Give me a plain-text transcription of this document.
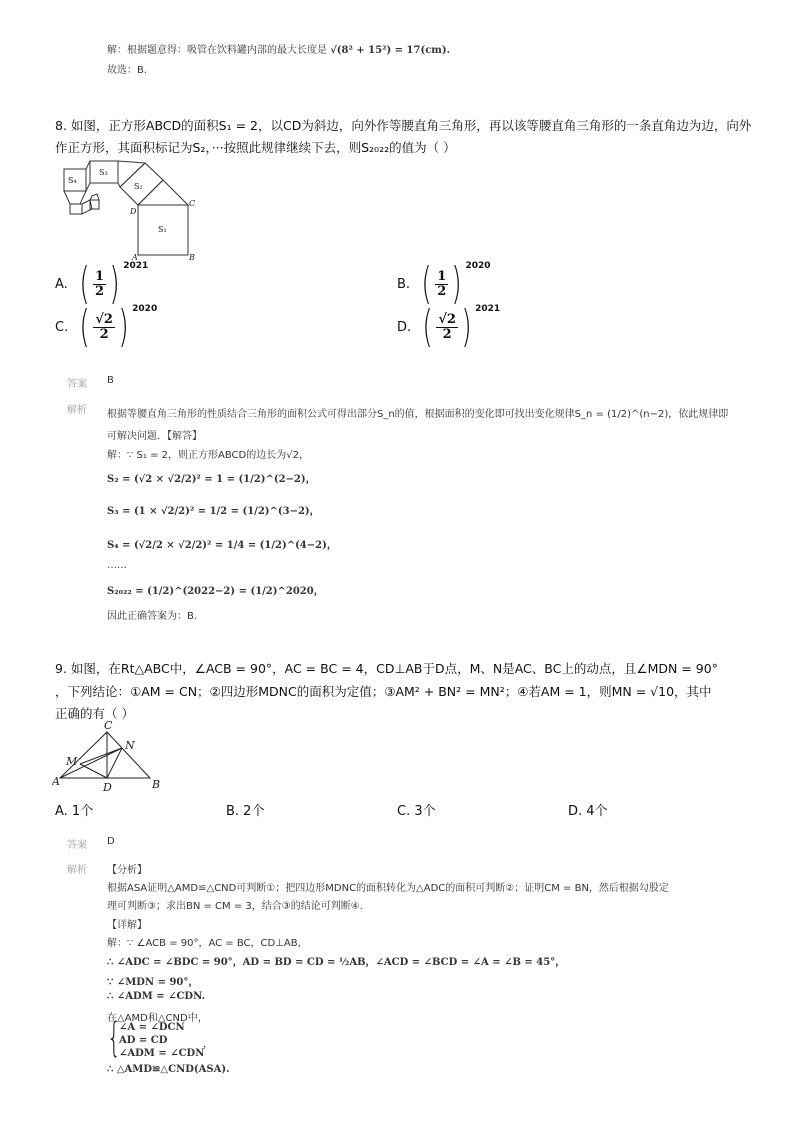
解：根据题意得：吸管在饮料罐内部的最大长度是 √(8² + 15²) = 17(cm).
故选：B.
8. 如图，正方形ABCD的面积S₁ = 2，以CD为斜边，向外作等腰直角三角形，再以该等腰直角三角形的一条直角边为边，向外
作正方形，其面积标记为S₂，···按照此规律继续下去，则S₂₀₂₂的值为（ ）
S₄
S₃
S₂
S₁
A	B
C
D
A. ( $\frac{1}{2}$ ) 2021
B. ( $\frac{1}{2}$ ) 2020
C. ( $\frac{√2}{2}$ ) 2020
D. ( $\frac{√2}{2}$ ) 2021
答案 B
解析 根据等腰直角三角形的性质结合三角形的面积公式可得出部分S_n的值，根据面积的变化即可找出变化规律S_n = (1/2)^(n−2)，依此规律即
可解决问题．【解答】
解：∵ S₁ = 2，则正方形ABCD的边长为√2，
S₂ = (√2 × √2/2)² = 1 = (1/2)^(2−2)，
S₃ = (1 × √2/2)² = 1/2 = (1/2)^(3−2)，
S₄ = (√2/2 × √2/2)² = 1/4 = (1/2)^(4−2)，
……
S₂₀₂₂ = (1/2)^(2022−2) = (1/2)^2020，
因此正确答案为：B.
9. 如图，在Rt△ABC中，∠ACB = 90°，AC = BC = 4，CD⊥AB于D点，M、N是AC、BC上的动点，且∠MDN = 90°
，下列结论：①AM = CN；②四边形MDNC的面积为定值；③AM² + BN² = MN²；④若AM = 1，则MN = √10，其中
正确的有（ ）
C
N
M
A	D	B
A. 1个	B. 2个	C. 3个	D. 4个
答案 D
解析 【分析】
根据ASA证明△AMD≌△CND可判断①；把四边形MDNC的面积转化为△ADC的面积可判断②；证明CM = BN，然后根据勾股定
理可判断③；求出BN = CM = 3，结合③的结论可判断④.
【详解】
解：∵ ∠ACB = 90°，AC = BC，CD⊥AB，
∴ ∠ADC = ∠BDC = 90°，AD = BD = CD = ½AB，∠ACD = ∠BCD = ∠A = ∠B = 45°，
∵ ∠MDN = 90°，
∴ ∠ADM = ∠CDN.
在△AMD和△CND中，
{
∠A = ∠DCN
AD = CD	，
∠ADM = ∠CDN
∴ △AMD≌△CND(ASA).
